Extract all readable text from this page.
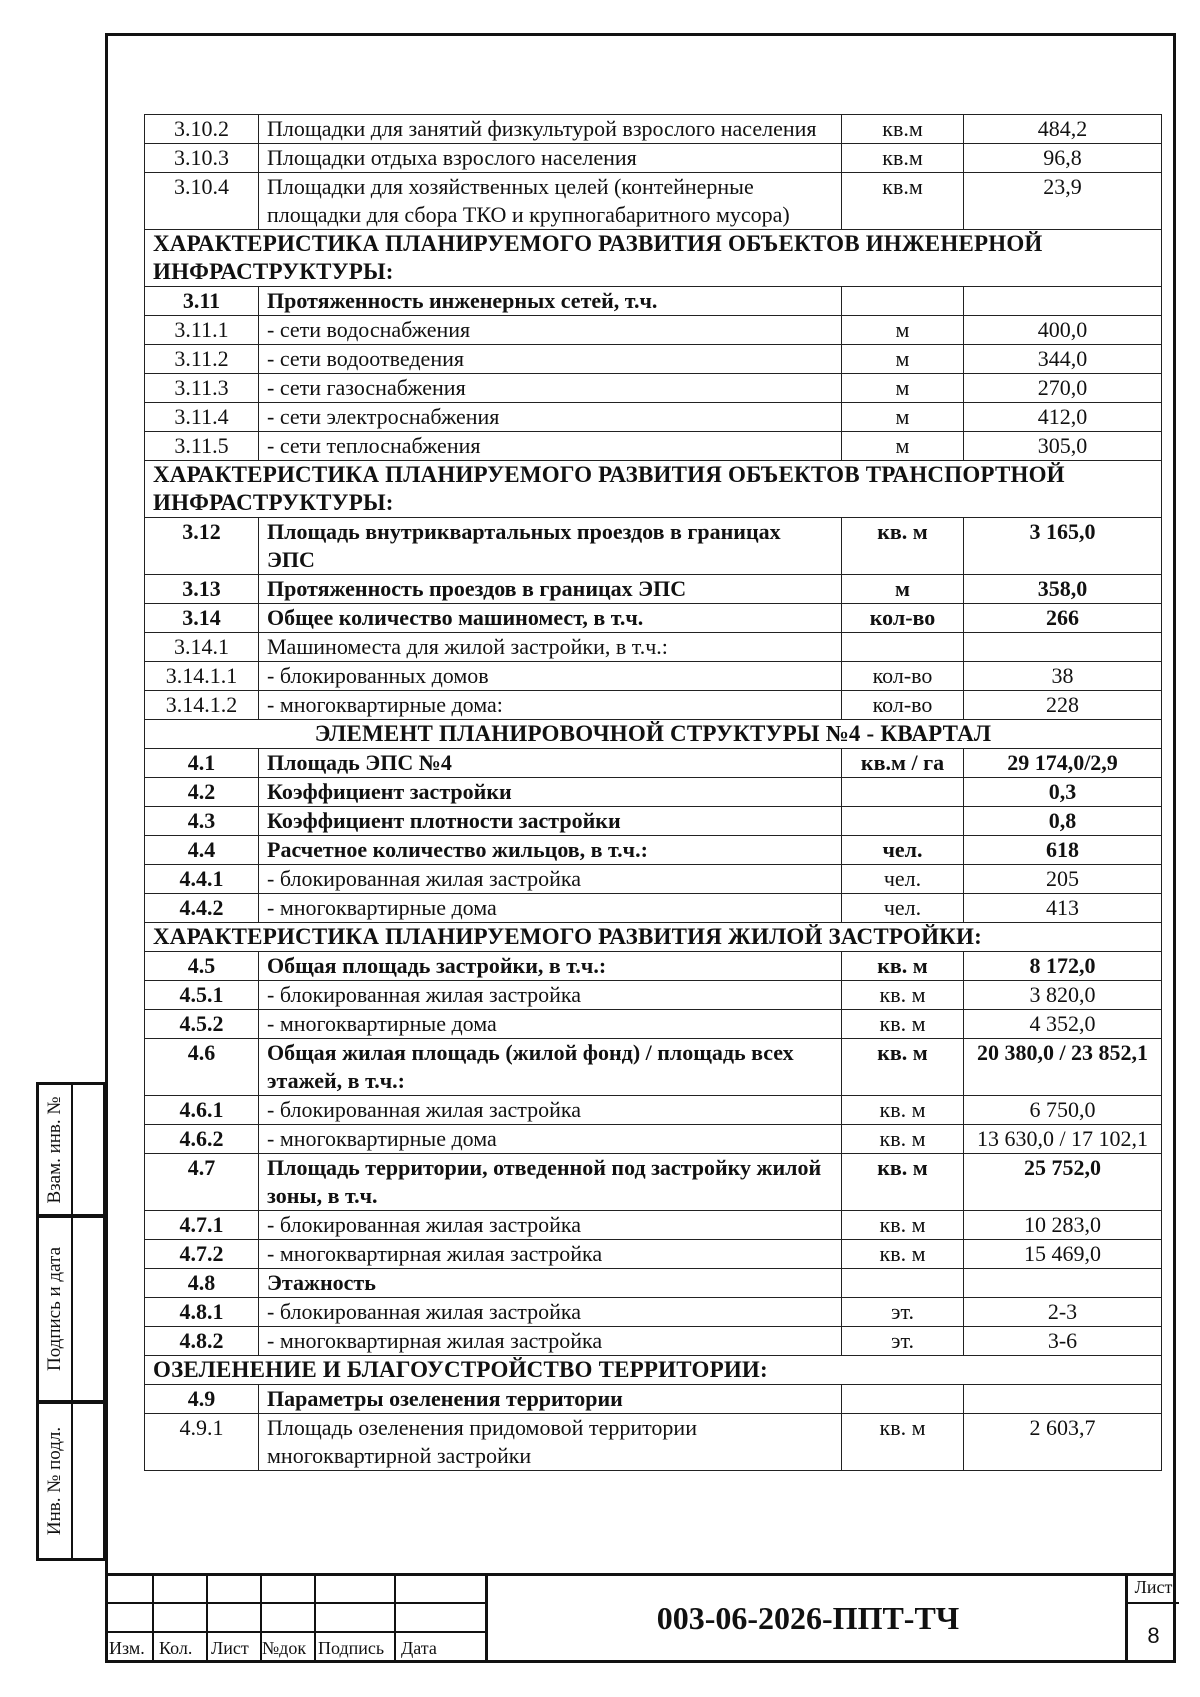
3.10.2	Площадки для занятий физкультурой взрослого населения	кв.м	484,2
3.10.3	Площадки отдыха взрослого населения	кв.м	96,8
3.10.4	Площадки для хозяйственных целей (контейнерные площадки для сбора ТКО и крупногабаритного мусора)	кв.м	23,9
ХАРАКТЕРИСТИКА ПЛАНИРУЕМОГО РАЗВИТИЯ ОБЪЕКТОВ ИНЖЕНЕРНОЙ ИНФРАСТРУКТУРЫ:			
3.11	Протяженность инженерных сетей, т.ч.		
3.11.1	- сети водоснабжения	м	400,0
3.11.2	- сети водоотведения	м	344,0
3.11.3	- сети газоснабжения	м	270,0
3.11.4	- сети электроснабжения	м	412,0
3.11.5	- сети теплоснабжения	м	305,0
ХАРАКТЕРИСТИКА ПЛАНИРУЕМОГО РАЗВИТИЯ ОБЪЕКТОВ ТРАНСПОРТНОЙ ИНФРАСТРУКТУРЫ:			
3.12	Площадь внутриквартальных проездов в границах ЭПС	кв. м	3 165,0
3.13	Протяженность проездов в границах ЭПС	м	358,0
3.14	Общее количество машиномест, в т.ч.	кол-во	266
3.14.1	Машиноместа для жилой застройки, в т.ч.:		
3.14.1.1	- блокированных домов	кол-во	38
3.14.1.2	- многоквартирные дома:	кол-во	228
ЭЛЕМЕНТ ПЛАНИРОВОЧНОЙ СТРУКТУРЫ №4 - КВАРТАЛ			
4.1	Площадь ЭПС №4	кв.м / га	29 174,0/2,9
4.2	Коэффициент застройки		0,3
4.3	Коэффициент плотности застройки		0,8
4.4	Расчетное количество жильцов, в т.ч.:	чел.	618
4.4.1	- блокированная жилая застройка	чел.	205
4.4.2	- многоквартирные дома	чел.	413
ХАРАКТЕРИСТИКА ПЛАНИРУЕМОГО РАЗВИТИЯ ЖИЛОЙ ЗАСТРОЙКИ:			
4.5	Общая площадь застройки, в т.ч.:	кв. м	8 172,0
4.5.1	- блокированная жилая застройка	кв. м	3 820,0
4.5.2	- многоквартирные дома	кв. м	4 352,0
4.6	Общая жилая площадь (жилой фонд) / площадь всех этажей, в т.ч.:	кв. м	20 380,0 / 23 852,1
4.6.1	- блокированная жилая застройка	кв. м	6 750,0
4.6.2	- многоквартирные дома	кв. м	13 630,0 / 17 102,1
4.7	Площадь территории, отведенной под застройку жилой зоны, в т.ч.	кв. м	25 752,0
4.7.1	- блокированная жилая застройка	кв. м	10 283,0
4.7.2	- многоквартирная жилая застройка	кв. м	15 469,0
4.8	Этажность		
4.8.1	- блокированная жилая застройка	эт.	2-3
4.8.2	- многоквартирная жилая застройка	эт.	3-6
ОЗЕЛЕНЕНИЕ И БЛАГОУСТРОЙСТВО ТЕРРИТОРИИ:			
4.9	Параметры озеленения территории		
4.9.1	Площадь озеленения придомовой территории многоквартирной застройки	кв. м	2 603,7
Взам. инв. №
Подпись и дата
Инв. № подл.
Изм. Кол. Лист №док Подпись Дата
003-06-2026-ППТ-ТЧ
Лист
8
